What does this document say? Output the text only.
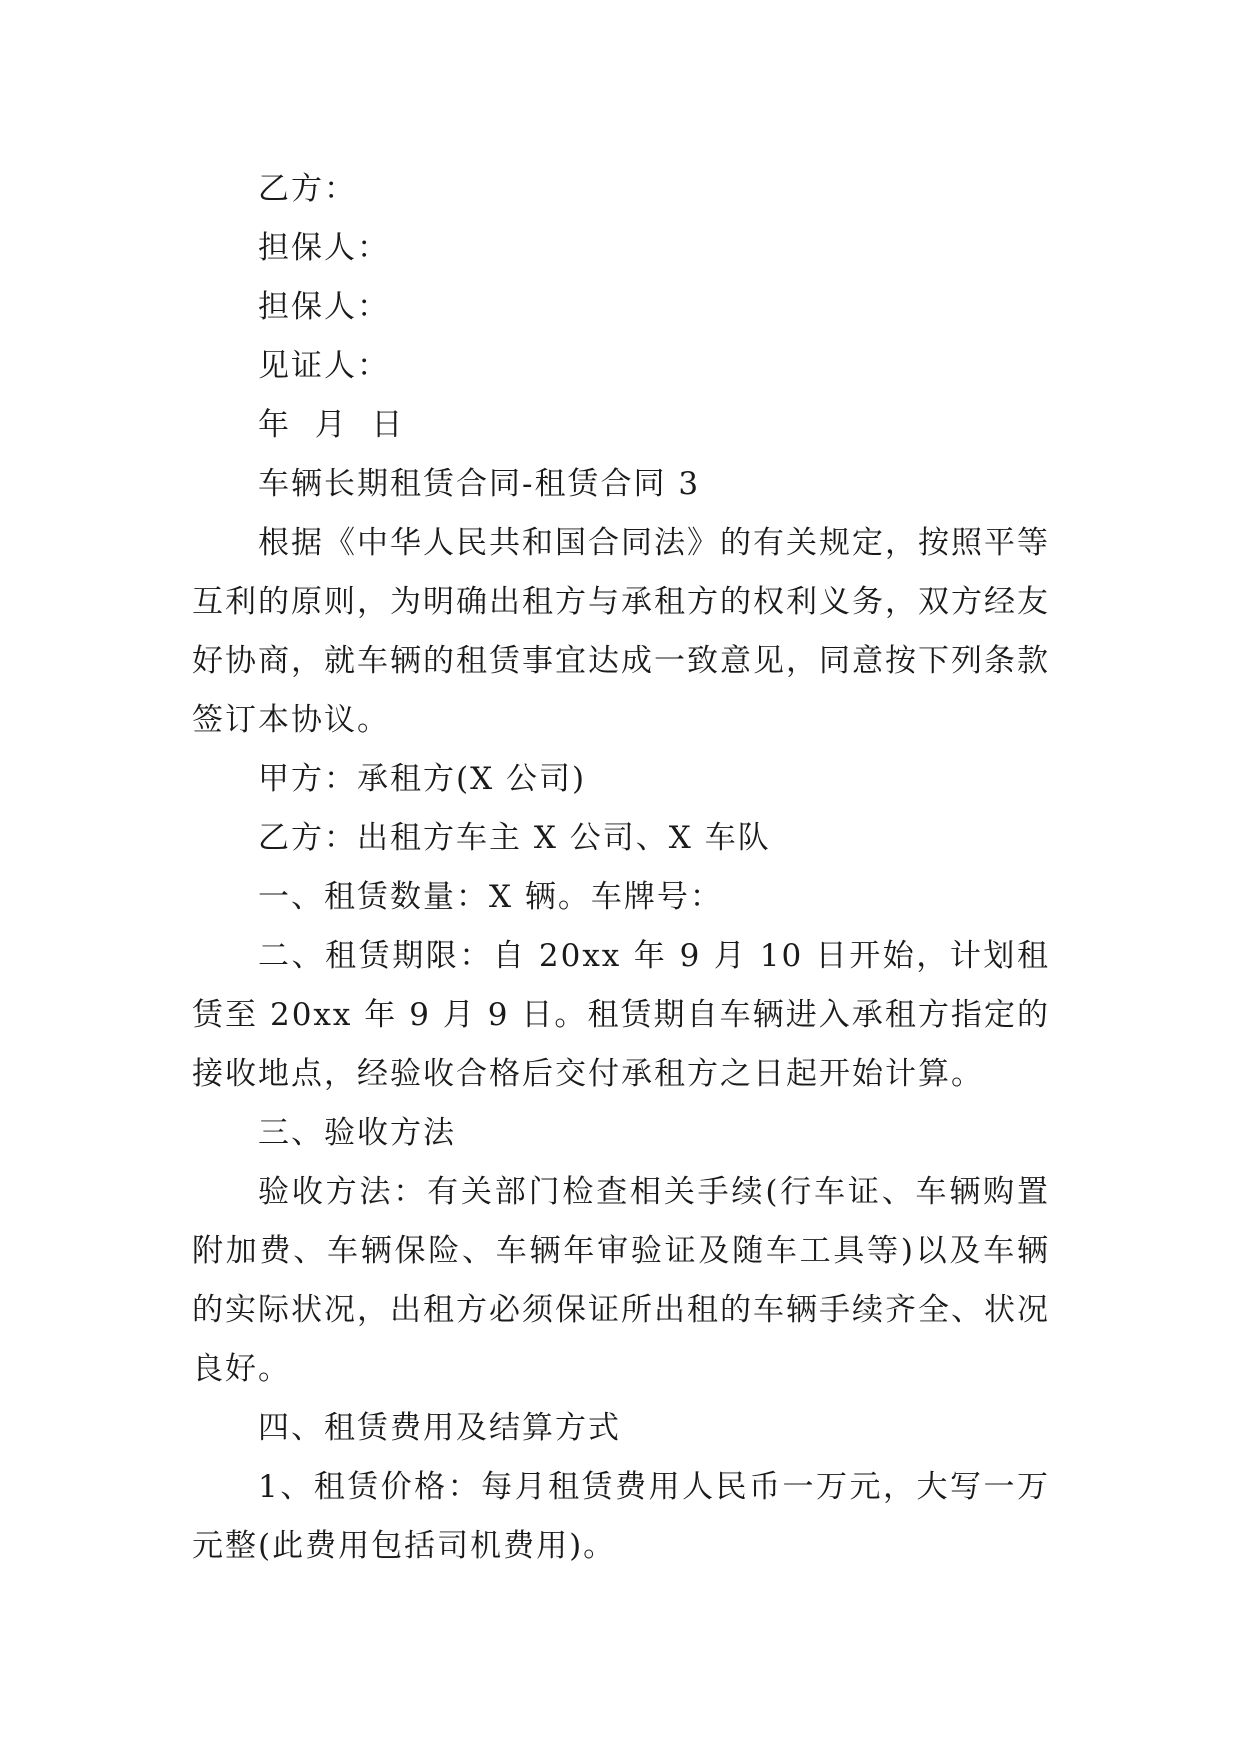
乙方：

担保人：

担保人：

见证人：

年  月  日

车辆长期租赁合同-租赁合同 3

根据《中华人民共和国合同法》的有关规定，按照平等互利的原则，为明确出租方与承租方的权利义务，双方经友好协商，就车辆的租赁事宜达成一致意见，同意按下列条款签订本协议。

甲方：承租方(X 公司)

乙方：出租方车主 X 公司、X 车队

一、租赁数量：X 辆。车牌号：

二、租赁期限：自 20xx 年 9 月 10 日开始，计划租赁至 20xx 年 9 月 9 日。租赁期自车辆进入承租方指定的接收地点，经验收合格后交付承租方之日起开始计算。

三、验收方法

验收方法：有关部门检查相关手续(行车证、车辆购置附加费、车辆保险、车辆年审验证及随车工具等)以及车辆的实际状况，出租方必须保证所出租的车辆手续齐全、状况良好。

四、租赁费用及结算方式

1、租赁价格：每月租赁费用人民币一万元，大写一万元整(此费用包括司机费用)。
